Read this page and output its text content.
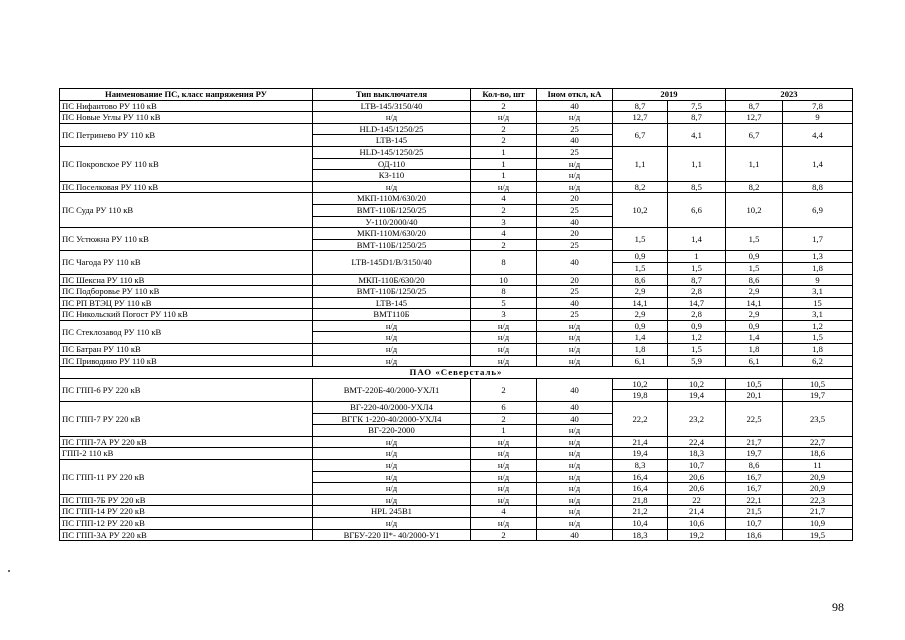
Наименование ПС, класс напряжения РУ	Тип выключателя	Кол-во, шт	Iном откл, кА	2019		2023	
ПС Нифантово РУ 110 кВ	LTB-145/3150/40	2	40	8,7	7,5	8,7	7,8
ПС Новые Углы РУ 110 кВ	н/д	н/д	н/д	12,7	8,7	12,7	9
ПС Петринево РУ 110 кВ	HLD-145/1250/25	2	25	6,7	4,1	6,7	4,4
	LTB-145	2	40				
ПС Покровское РУ 110 кВ	HLD-145/1250/25	1	25	1,1	1,1	1,1	1,4
	ОД-110	1	н/д				
	КЗ-110	1	н/д				
ПС Поселковая РУ 110 кВ	н/д	н/д	н/д	8,2	8,5	8,2	8,8
ПС Суда РУ 110 кВ	МКП-110М/630/20	4	20	10,2	6,6	10,2	6,9
	ВМТ-110Б/1250/25	2	25				
	У-110/2000/40	3	40				
ПС Устюжна РУ 110 кВ	МКП-110М/630/20	4	20	1,5	1,4	1,5	1,7
	ВМТ-110Б/1250/25	2	25				
ПС Чагода РУ 110 кВ	LTB-145D1/B/3150/40	8	40	0,9	1	0,9	1,3
				1,5	1,5	1,5	1,8
ПС Шексна РУ 110 кВ	МКП-110Б/630/20	10	20	8,6	8,7	8,6	9
ПС Подборовье РУ 110 кВ	ВМТ-110Б/1250/25	8	25	2,9	2,8	2,9	3,1
ПС РП ВТЭЦ РУ 110 кВ	LTB-145	5	40	14,1	14,7	14,1	15
ПС Никольский Погост РУ 110 кВ	ВМТ110Б	3	25	2,9	2,8	2,9	3,1
ПС Стеклозавод РУ 110 кВ	н/д	н/д	н/д	0,9	0,9	0,9	1,2
	н/д	н/д	н/д	1,4	1,2	1,4	1,5
ПС Батран РУ 110 кВ	н/д	н/д	н/д	1,8	1,5	1,8	1,8
ПС Приводино РУ 110 кВ	н/д	н/д	н/д	6,1	5,9	6,1	6,2
ПАО «Северсталь»							
ПС ГПП-6 РУ 220 кВ	ВМТ-220Б-40/2000-УХЛ1	2	40	10,2	10,2	10,5	10,5
				19,8	19,4	20,1	19,7
ПС ГПП-7 РУ 220 кВ	ВГ-220-40/2000-УХЛ4	6	40	22,2	23,2	22,5	23,5
	ВГГК 1-220-40/2000-УХЛ4	2	40				
	ВГ-220-2000	1	н/д				
ПС ГПП-7А РУ 220 кВ	н/д	н/д	н/д	21,4	22,4	21,7	22,7
ГПП-2 110 кВ	н/д	н/д	н/д	19,4	18,3	19,7	18,6
ПС ГПП-11 РУ 220 кВ	н/д	н/д	н/д	8,3	10,7	8,6	11
	н/д	н/д	н/д	16,4	20,6	16,7	20,9
	н/д	н/д	н/д	16,4	20,6	16,7	20,9
ПС ГПП-7Б РУ 220 кВ	н/д	н/д	н/д	21,8	22	22,1	22,3
ПС ГПП-14 РУ 220 кВ	HPL 245B1	4	н/д	21,2	21,4	21,5	21,7
ПС ГПП-12 РУ 220 кВ	н/д	н/д	н/д	10,4	10,6	10,7	10,9
ПС ГПП-3А РУ 220 кВ	ВГБУ-220 II*- 40/2000-У1	2	40	18,3	19,2	18,6	19,5
98
